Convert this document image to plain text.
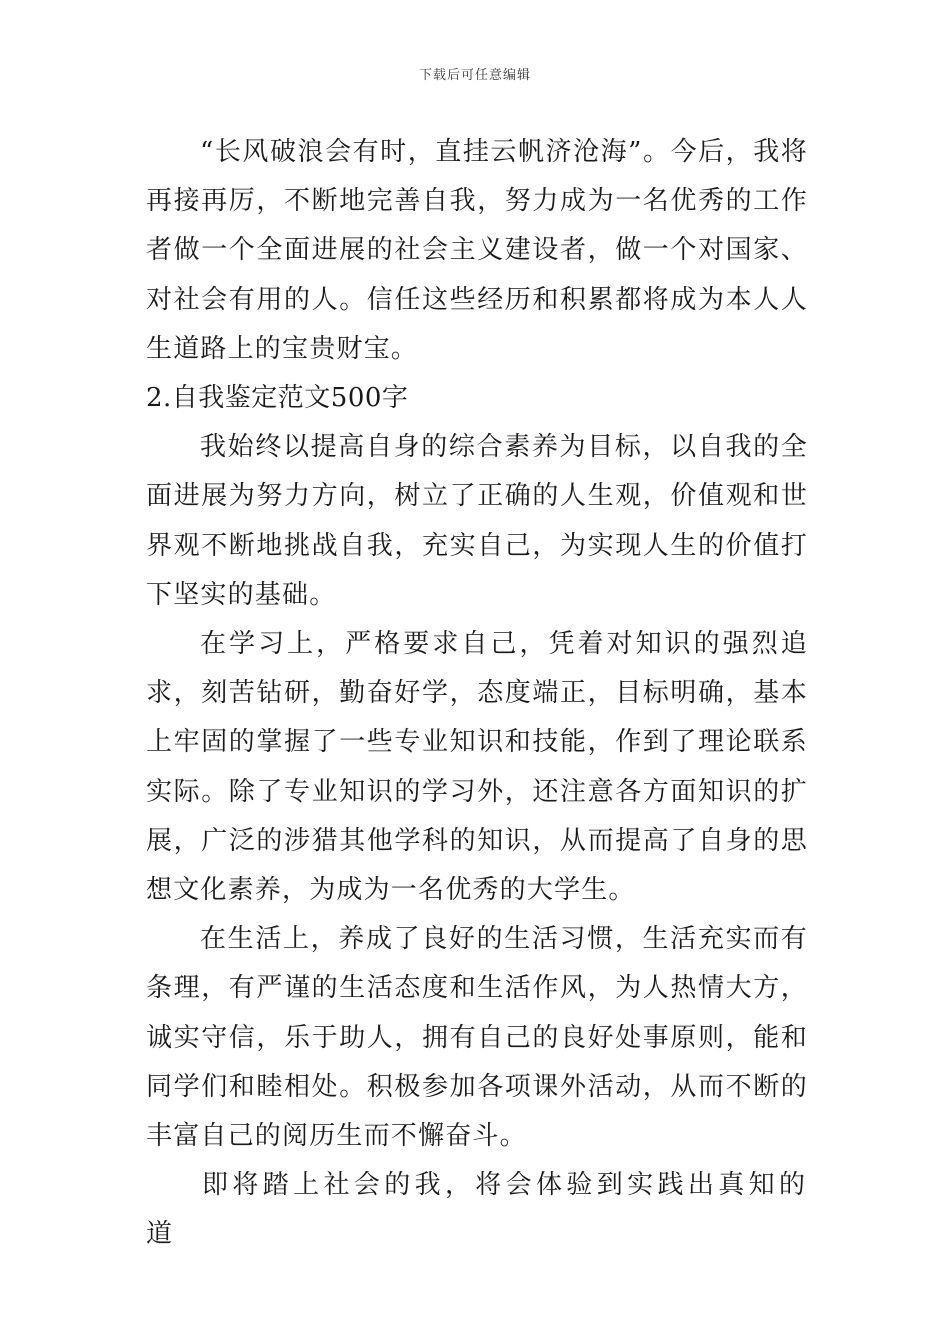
下载后可任意编辑

“长风破浪会有时，直挂云帆济沧海”。今后，我将再接再厉，不断地完善自我，努力成为一名优秀的工作者做一个全面进展的社会主义建设者，做一个对国家、对社会有用的人。信任这些经历和积累都将成为本人人生道路上的宝贵财宝。

2.自我鉴定范文500字

我始终以提高自身的综合素养为目标，以自我的全面进展为努力方向，树立了正确的人生观，价值观和世界观不断地挑战自我，充实自己，为实现人生的价值打下坚实的基础。

在学习上，严格要求自己，凭着对知识的强烈追求，刻苦钻研，勤奋好学，态度端正，目标明确，基本上牢固的掌握了一些专业知识和技能，作到了理论联系实际。除了专业知识的学习外，还注意各方面知识的扩展，广泛的涉猎其他学科的知识，从而提高了自身的思想文化素养，为成为一名优秀的大学生。

在生活上，养成了良好的生活习惯，生活充实而有条理，有严谨的生活态度和生活作风，为人热情大方，诚实守信，乐于助人，拥有自己的良好处事原则，能和同学们和睦相处。积极参加各项课外活动，从而不断的丰富自己的阅历生而不懈奋斗。

即将踏上社会的我，将会体验到实践出真知的道
